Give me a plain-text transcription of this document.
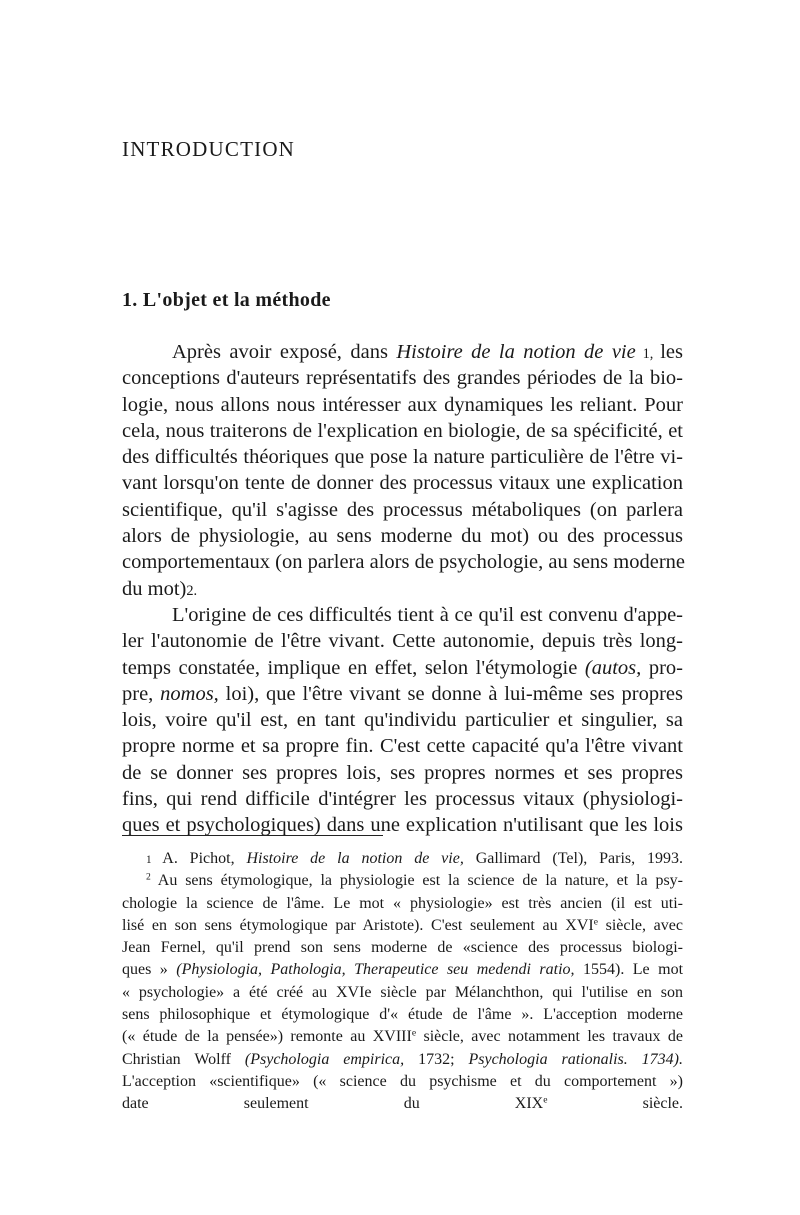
INTRODUCTION
1. L'objet et la méthode
Après avoir exposé, dans Histoire de la notion de vie 1, les
conceptions d'auteurs représentatifs des grandes périodes de la bio-
logie, nous allons nous intéresser aux dynamiques les reliant. Pour
cela, nous traiterons de l'explication en biologie, de sa spécificité, et
des difficultés théoriques que pose la nature particulière de l'être vi-
vant lorsqu'on tente de donner des processus vitaux une explication
scientifique, qu'il s'agisse des processus métaboliques (on parlera
alors de physiologie, au sens moderne du mot) ou des processus
comportementaux (on parlera alors de psychologie, au sens moderne
du mot)2.
L'origine de ces difficultés tient à ce qu'il est convenu d'appe-
ler l'autonomie de l'être vivant. Cette autonomie, depuis très long-
temps constatée, implique en effet, selon l'étymologie (autos, pro-
pre, nomos, loi), que l'être vivant se donne à lui-même ses propres
lois, voire qu'il est, en tant qu'individu particulier et singulier, sa
propre norme et sa propre fin. C'est cette capacité qu'a l'être vivant
de se donner ses propres lois, ses propres normes et ses propres
fins, qui rend difficile d'intégrer les processus vitaux (physiologi-
ques et psychologiques) dans une explication n'utilisant que les lois
1 A. Pichot, Histoire de la notion de vie, Gallimard (Tel), Paris, 1993.
$^2$ Au sens étymologique, la physiologie est la science de la nature, et la psy-
chologie la science de l'âme. Le mot « physiologie» est très ancien (il est uti-
lisé en son sens étymologique par Aristote). C'est seulement au XVIe siècle, avec
Jean Fernel, qu'il prend son sens moderne de «science des processus biologi-
ques » (Physiologia, Pathologia, Therapeutice seu medendi ratio, 1554). Le mot
« psychologie» a été créé au XVIe siècle par Mélanchthon, qui l'utilise en son
sens philosophique et étymologique d'« étude de l'âme ». L'acception moderne
(« étude de la pensée») remonte au XVIIIe siècle, avec notamment les travaux de
Christian Wolff (Psychologia empirica, 1732; Psychologia rationalis. 1734).
L'acception «scientifique» (« science du psychisme et du comportement »)
date seulement du XIXe siècle.
